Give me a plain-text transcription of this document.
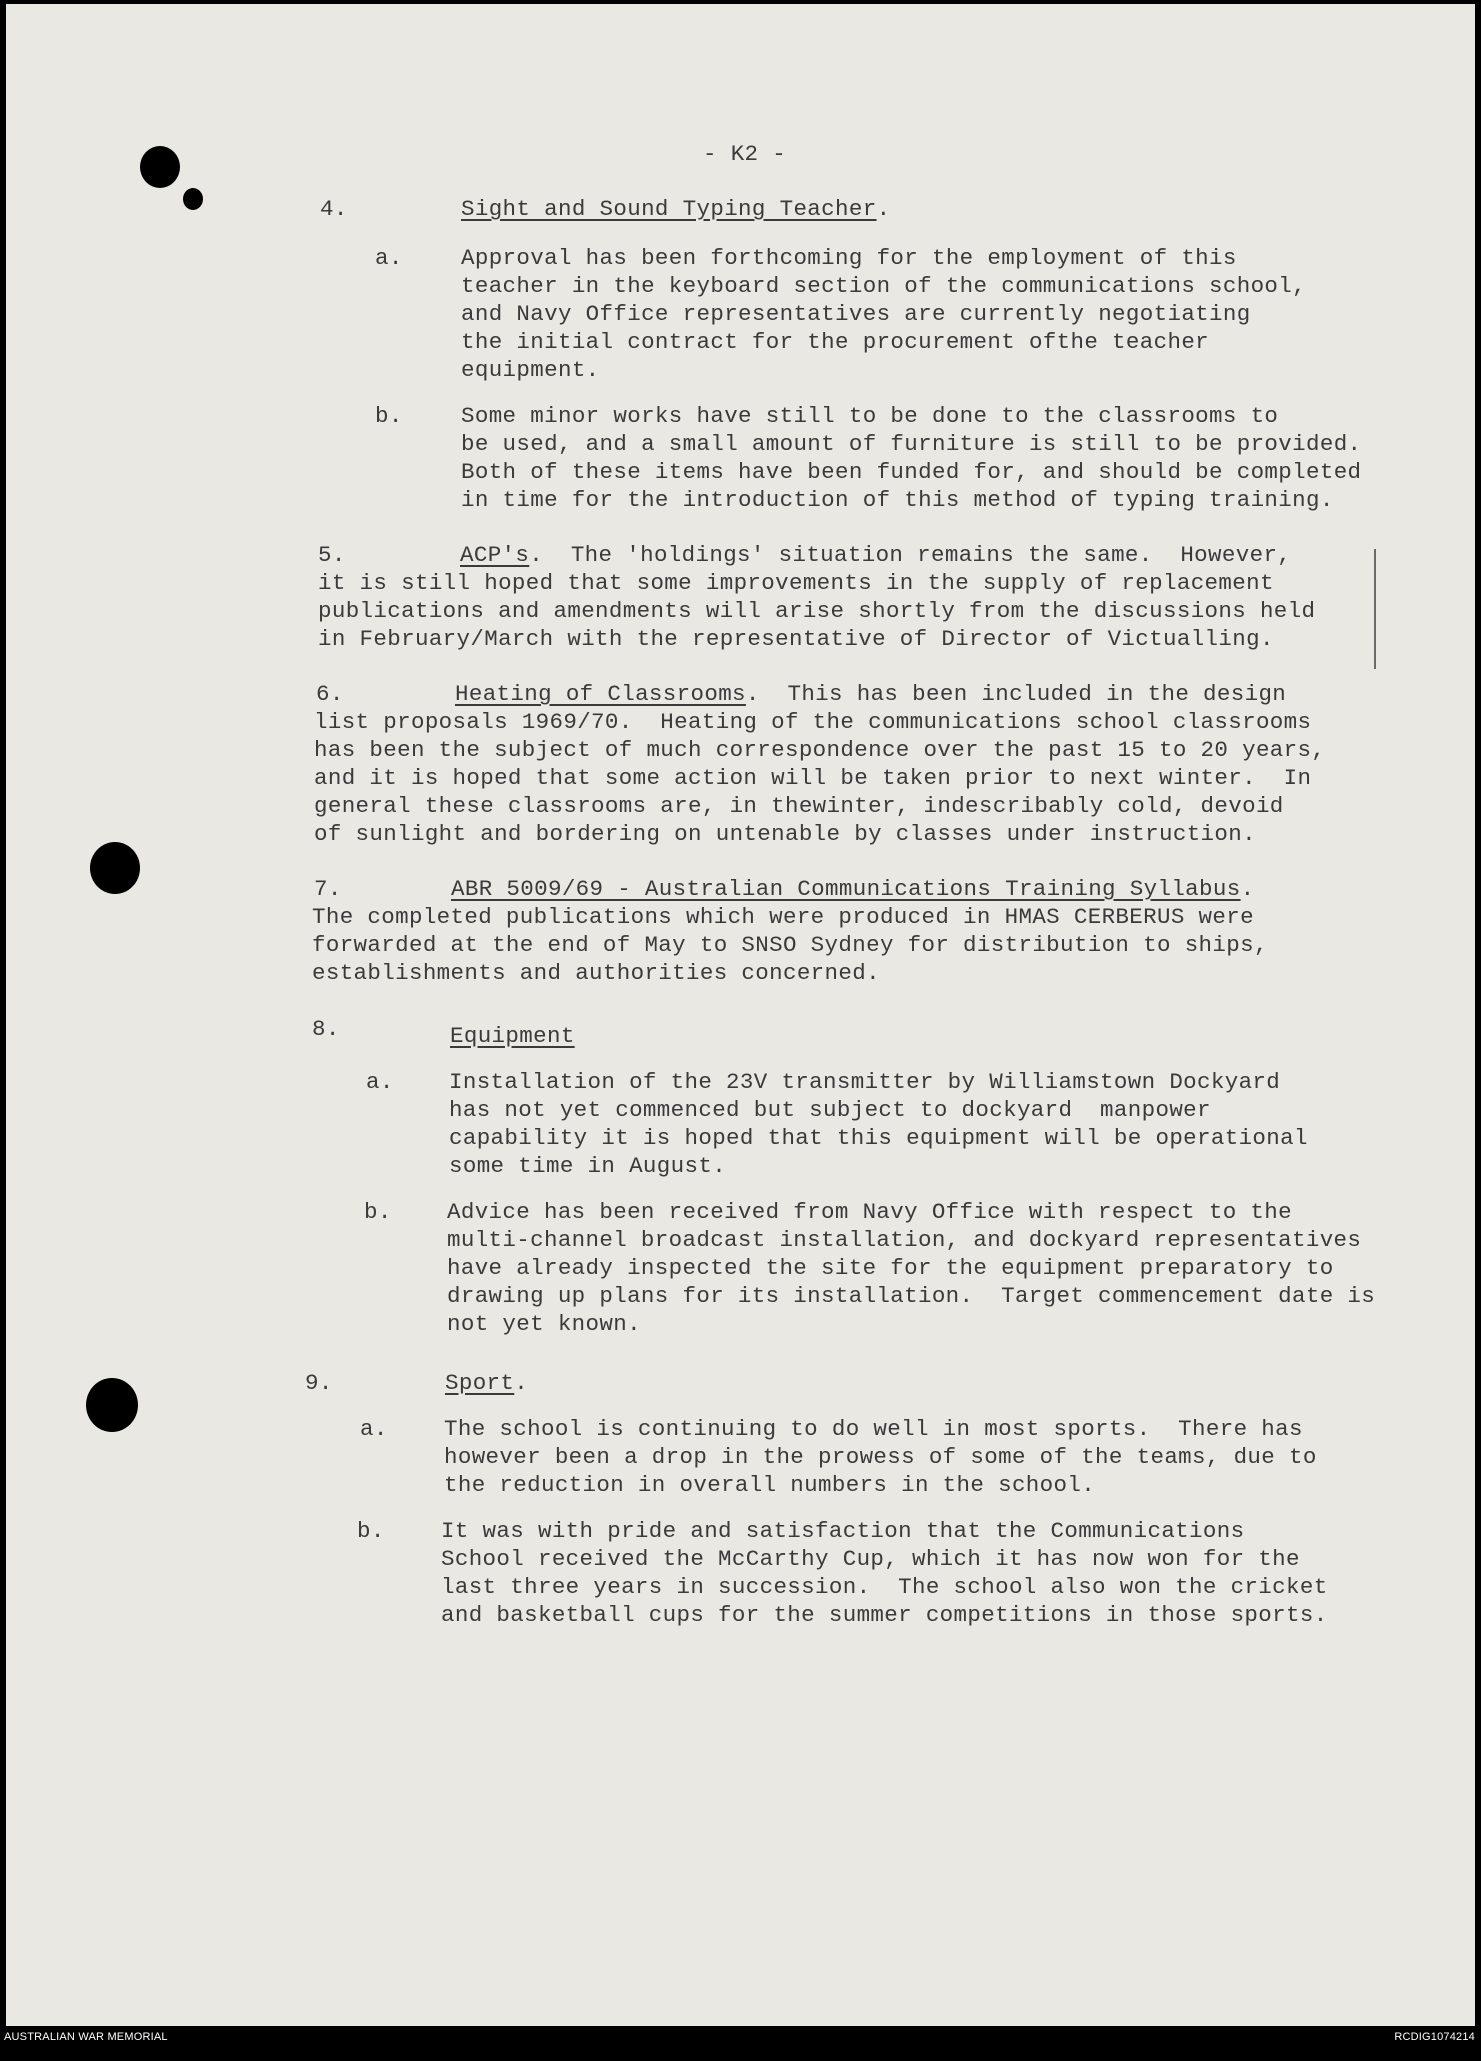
- K2 -

4.	Sight and Sound Typing Teacher.

a.	Approval has been forthcoming for the employment of this

teacher in the keyboard section of the communications school,

and Navy Office representatives are currently negotiating

the initial contract for the procurement ofthe teacher

equipment.

b.	Some minor works have still to be done to the classrooms to

be used, and a small amount of furniture is still to be provided.

Both of these items have been funded for, and should be completed

in time for the introduction of this method of typing training.

5.	ACP's.  The 'holdings' situation remains the same.  However,

it is still hoped that some improvements in the supply of replacement

publications and amendments will arise shortly from the discussions held

in February/March with the representative of Director of Victualling.

6.	Heating of Classrooms.  This has been included in the design

list proposals 1969/70.  Heating of the communications school classrooms

has been the subject of much correspondence over the past 15 to 20 years,

and it is hoped that some action will be taken prior to next winter.  In

general these classrooms are, in thewinter, indescribably cold, devoid

of sunlight and bordering on untenable by classes under instruction.

7.	ABR 5009/69 - Australian Communications Training Syllabus.

The completed publications which were produced in HMAS CERBERUS were

forwarded at the end of May to SNSO Sydney for distribution to ships,

establishments and authorities concerned.

8.	Equipment

a. Installation of the 23V transmitter by Williamstown Dockyard

has not yet commenced but subject to dockyard  manpower

capability it is hoped that this equipment will be operational

some time in August.

b. Advice has been received from Navy Office with respect to the

multi-channel broadcast installation, and dockyard representatives

have already inspected the site for the equipment preparatory to

drawing up plans for its installation.  Target commencement date is

not yet known.

9.	Sport.

a.	The school is continuing to do well in most sports.  There has

however been a drop in the prowess of some of the teams, due to

the reduction in overall numbers in the school.

b.	It was with pride and satisfaction that the Communications

School received the McCarthy Cup, which it has now won for the

last three years in succession.  The school also won the cricket

and basketball cups for the summer competitions in those sports.

AUSTRALIAN WAR MEMORIAL	RCDIG1074214
